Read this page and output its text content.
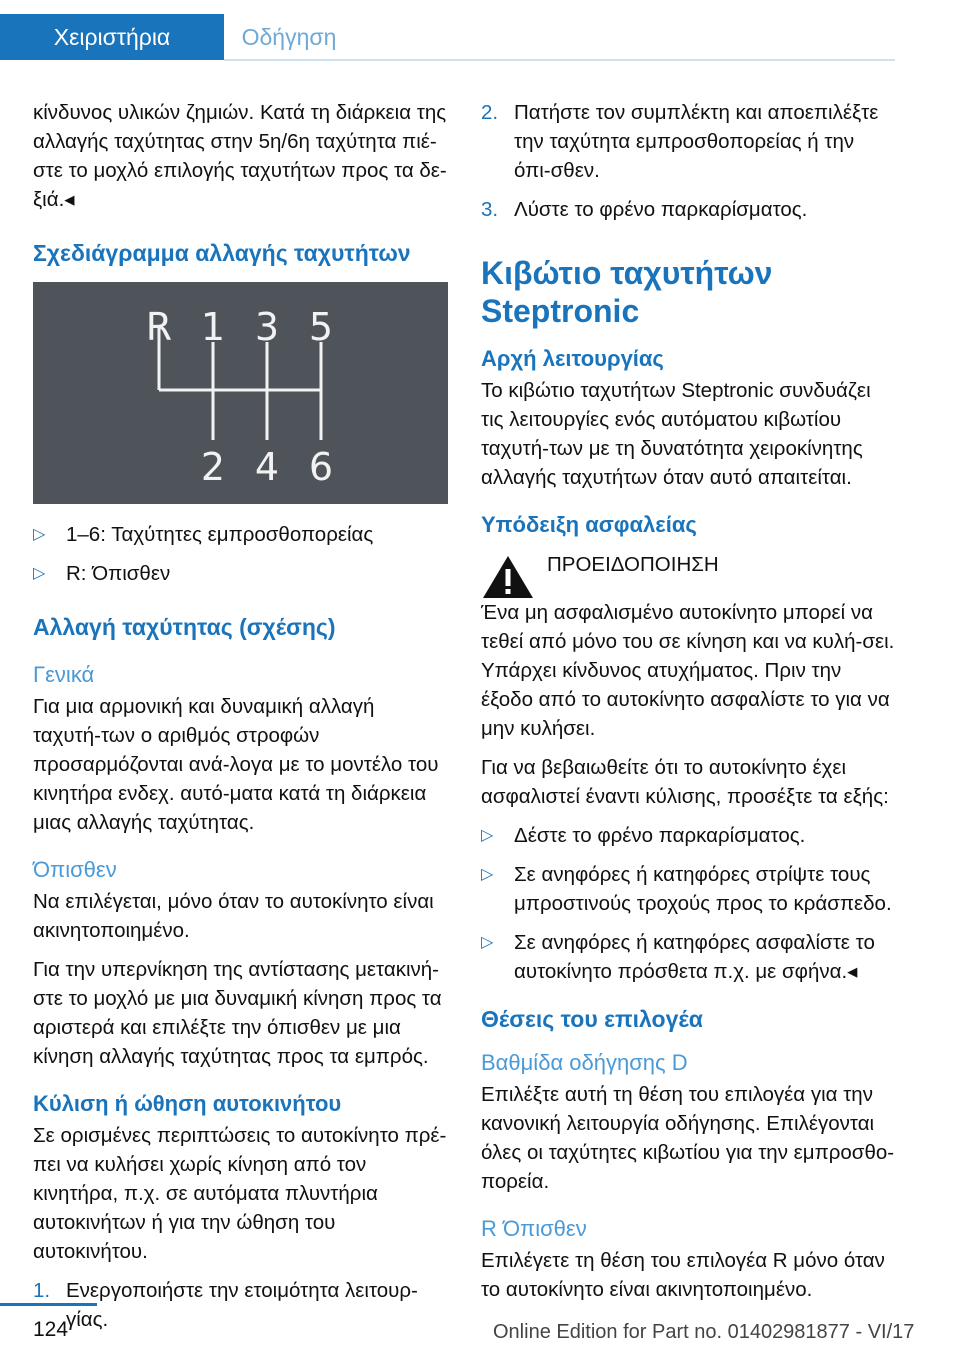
Χειριστήρια	Οδήγηση

κίνδυνος υλικών ζημιών. Κατά τη διάρκεια της αλλαγής ταχύτητας στην 5η/6η ταχύτητα πιέ-στε το μοχλό επιλογής ταχυτήτων προς τα δε-ξιά.◂

Σχεδιάγραμμα αλλαγής ταχυτήτων
R 1 3 5
2 4 6
▷ 1–6: Ταχύτητες εμπροσθοπορείας
▷ R: Όπισθεν
Αλλαγή ταχύτητας (σχέσης)
Γενικά

Για μια αρμονική και δυναμική αλλαγή ταχυτή-των ο αριθμός στροφών προσαρμόζονται ανά-λογα με το μοντέλο του κινητήρα ενδεχ. αυτό-ματα κατά τη διάρκεια μιας αλλαγής ταχύτητας.

Όπισθεν

Να επιλέγεται, μόνο όταν το αυτοκίνητο είναι ακινητοποιημένο.

Για την υπερνίκηση της αντίστασης μετακινή-στε το μοχλό με μια δυναμική κίνηση προς τα αριστερά και επιλέξτε την όπισθεν με μια κίνηση αλλαγής ταχύτητας προς τα εμπρός.

Κύλιση ή ώθηση αυτοκινήτου

Σε ορισμένες περιπτώσεις το αυτοκίνητο πρέ-πει να κυλήσει χωρίς κίνηση από τον κινητήρα, π.χ. σε αυτόματα πλυντήρια αυτοκινήτων ή για την ώθηση του αυτοκινήτου.

1. Ενεργοποιήστε την ετοιμότητα λειτουρ-γίας.
2. Πατήστε τον συμπλέκτη και αποεπιλέξτε την ταχύτητα εμπροσθοπορείας ή την όπι-σθεν.
3. Λύστε το φρένο παρκαρίσματος.
Κιβώτιο ταχυτήτων Steptronic
Αρχή λειτουργίας

Το κιβώτιο ταχυτήτων Steptronic συνδυάζει τις λειτουργίες ενός αυτόματου κιβωτίου ταχυτή-των με τη δυνατότητα χειροκίνητης αλλαγής ταχυτήτων όταν αυτό απαιτείται.

Υπόδειξη ασφαλείας

ΠΡΟΕΙΔΟΠΟΙΗΣΗ

Ένα μη ασφαλισμένο αυτοκίνητο μπορεί να τεθεί από μόνο του σε κίνηση και να κυλή-σει. Υπάρχει κίνδυνος ατυχήματος. Πριν την έξοδο από το αυτοκίνητο ασφαλίστε το για να μην κυλήσει.

Για να βεβαιωθείτε ότι το αυτοκίνητο έχει ασφαλιστεί έναντι κύλισης, προσέξτε τα εξής:

▷ Δέστε το φρένο παρκαρίσματος.
▷ Σε ανηφόρες ή κατηφόρες στρίψτε τους μπροστινούς τροχούς προς το κράσπεδο.
▷ Σε ανηφόρες ή κατηφόρες ασφαλίστε το αυτοκίνητο πρόσθετα π.χ. με σφήνα.◂
Θέσεις του επιλογέα
Βαθμίδα οδήγησης D

Επιλέξτε αυτή τη θέση του επιλογέα για την κανονική λειτουργία οδήγησης. Επιλέγονται όλες οι ταχύτητες κιβωτίου για την εμπροσθο-πορεία.

R Όπισθεν

Επιλέγετε τη θέση του επιλογέα R μόνο όταν το αυτοκίνητο είναι ακινητοποιημένο.

124	Online Edition for Part no. 01402981877 - VI/17
